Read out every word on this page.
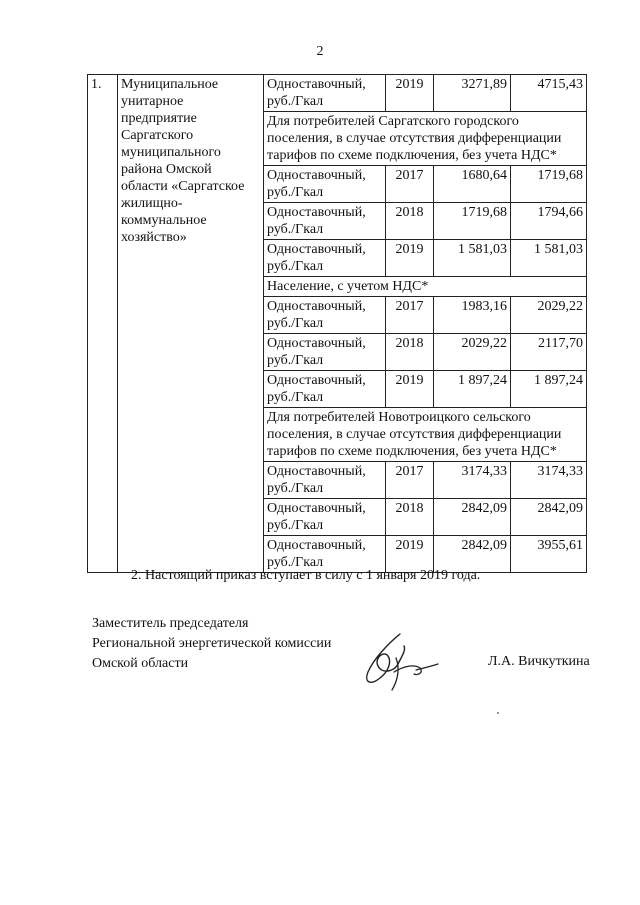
2
1.	Муниципальное унитарное предприятие Саргатского муниципального района Омской области «Саргатское жилищно-коммунальное хозяйство»	Одноставочный, руб./Гкал	2019	3271,89	4715,43
		Для потребителей Саргатского городского поселения, в случае отсутствия дифференциации тарифов по схеме подключения, без учета НДС*			
		Одноставочный, руб./Гкал	2017	1680,64	1719,68
		Одноставочный, руб./Гкал	2018	1719,68	1794,66
		Одноставочный, руб./Гкал	2019	1 581,03	1 581,03
		Население, с учетом НДС*			
		Одноставочный, руб./Гкал	2017	1983,16	2029,22
		Одноставочный, руб./Гкал	2018	2029,22	2117,70
		Одноставочный, руб./Гкал	2019	1 897,24	1 897,24
		Для потребителей Новотроицкого сельского поселения, в случае отсутствия дифференциации тарифов по схеме подключения, без учета НДС*			
		Одноставочный, руб./Гкал	2017	3174,33	3174,33
		Одноставочный, руб./Гкал	2018	2842,09	2842,09
		Одноставочный, руб./Гкал	2019	2842,09	3955,61
2. Настоящий приказ вступает в силу с 1 января 2019 года.
Заместитель председателя
Региональной энергетической комиссии
Омской области	Л.А. Вичкуткина
